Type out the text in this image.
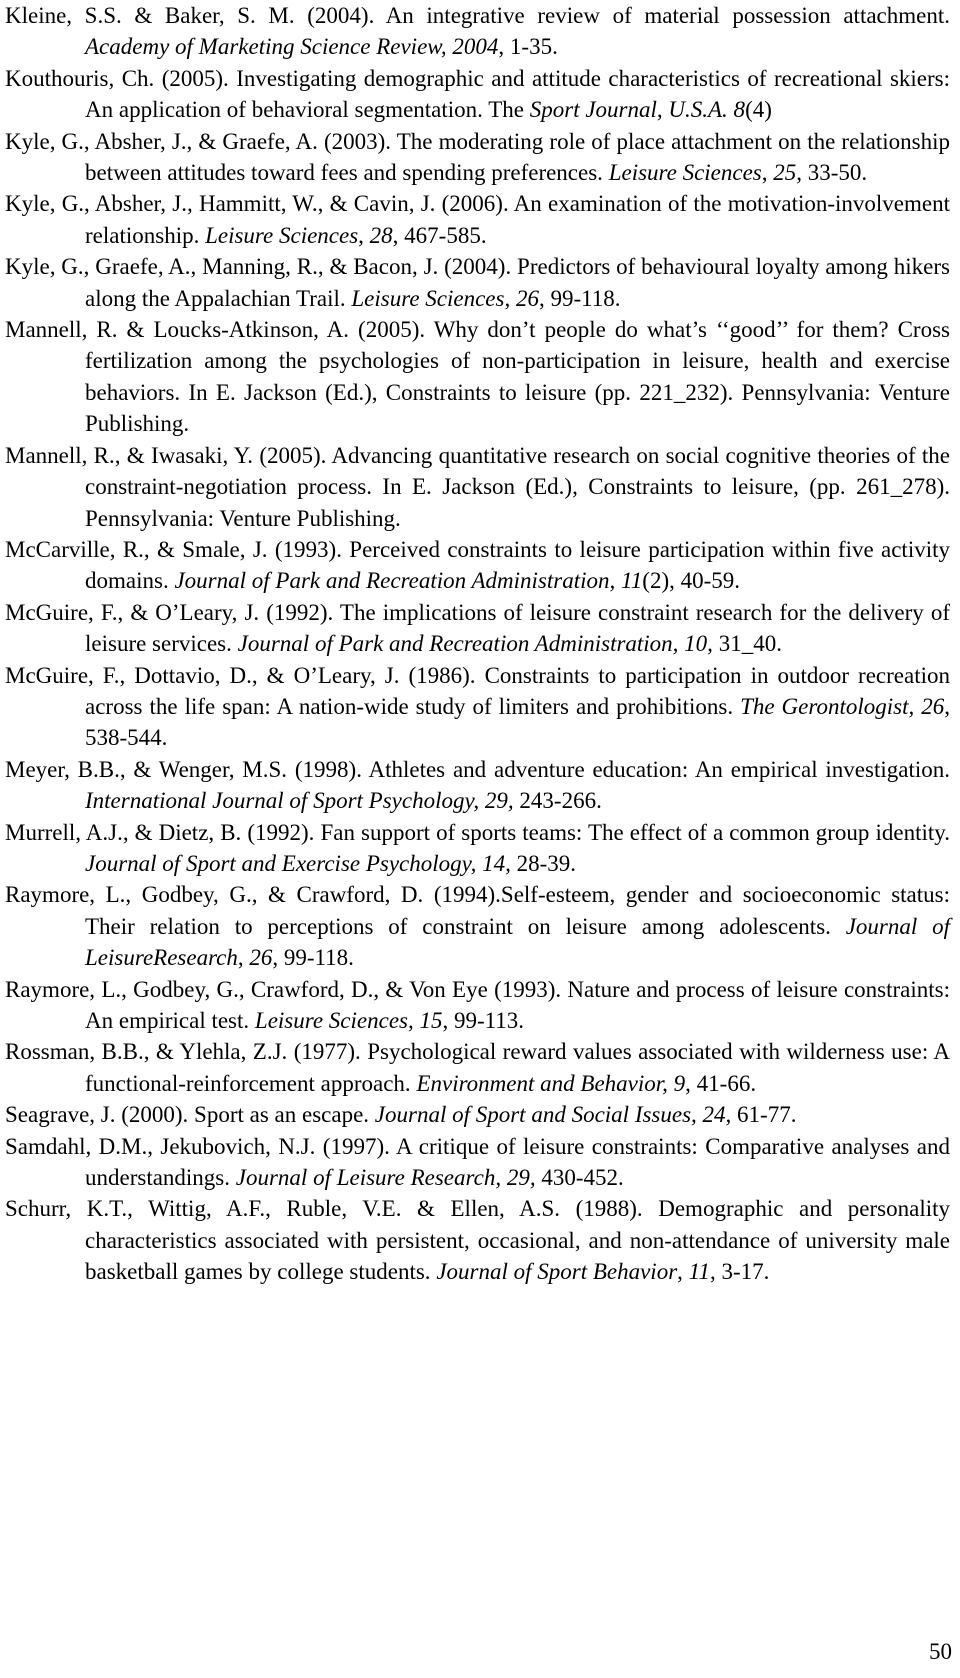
Kleine, S.S. & Baker, S. M. (2004). An integrative review of material possession attachment. Academy of Marketing Science Review, 2004, 1-35.
Kouthouris, Ch. (2005). Investigating demographic and attitude characteristics of recreational skiers: An application of behavioral segmentation. The Sport Journal, U.S.A. 8(4)
Kyle, G., Absher, J., & Graefe, A. (2003). The moderating role of place attachment on the relationship between attitudes toward fees and spending preferences. Leisure Sciences, 25, 33-50.
Kyle, G., Absher, J., Hammitt, W., & Cavin, J. (2006). An examination of the motivation-involvement relationship. Leisure Sciences, 28, 467-585.
Kyle, G., Graefe, A., Manning, R., & Bacon, J. (2004). Predictors of behavioural loyalty among hikers along the Appalachian Trail. Leisure Sciences, 26, 99-118.
Mannell, R. & Loucks-Atkinson, A. (2005). Why don’t people do what’s ‘‘good’’ for them? Cross fertilization among the psychologies of non-participation in leisure, health and exercise behaviors. In E. Jackson (Ed.), Constraints to leisure (pp. 221_232). Pennsylvania: Venture Publishing.
Mannell, R., & Iwasaki, Y. (2005). Advancing quantitative research on social cognitive theories of the constraint-negotiation process. In E. Jackson (Ed.), Constraints to leisure, (pp. 261_278). Pennsylvania: Venture Publishing.
McCarville, R., & Smale, J. (1993). Perceived constraints to leisure participation within five activity domains. Journal of Park and Recreation Administration, 11(2), 40-59.
McGuire, F., & O’Leary, J. (1992). The implications of leisure constraint research for the delivery of leisure services. Journal of Park and Recreation Administration, 10, 31_40.
McGuire, F., Dottavio, D., & O’Leary, J. (1986). Constraints to participation in outdoor recreation across the life span: A nation-wide study of limiters and prohibitions. The Gerontologist, 26, 538-544.
Meyer, B.B., & Wenger, M.S. (1998). Athletes and adventure education: An empirical investigation. International Journal of Sport Psychology, 29, 243-266.
Murrell, A.J., & Dietz, B. (1992). Fan support of sports teams: The effect of a common group identity. Journal of Sport and Exercise Psychology, 14, 28-39.
Raymore, L., Godbey, G., & Crawford, D. (1994).Self-esteem, gender and socioeconomic status: Their relation to perceptions of constraint on leisure among adolescents. Journal of LeisureResearch, 26, 99-118.
Raymore, L., Godbey, G., Crawford, D., & Von Eye (1993). Nature and process of leisure constraints: An empirical test. Leisure Sciences, 15, 99-113.
Rossman, B.B., & Ylehla, Z.J. (1977). Psychological reward values associated with wilderness use: A functional-reinforcement approach. Environment and Behavior, 9, 41-66.
Seagrave, J. (2000). Sport as an escape. Journal of Sport and Social Issues, 24, 61-77.
Samdahl, D.M., Jekubovich, N.J. (1997). A critique of leisure constraints: Comparative analyses and understandings. Journal of Leisure Research, 29, 430-452.
Schurr, K.T., Wittig, A.F., Ruble, V.E. & Ellen, A.S. (1988). Demographic and personality characteristics associated with persistent, occasional, and non-attendance of university male basketball games by college students. Journal of Sport Behavior, 11, 3-17.
50
